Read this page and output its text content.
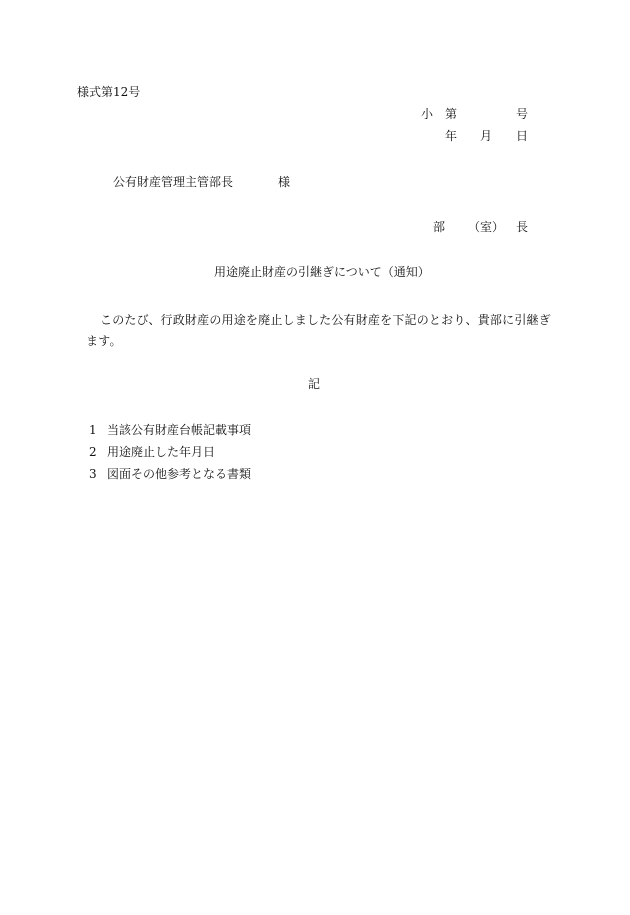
様式第12号
小 第	号
年 月 日
公有財産管理主管部長	様
部 （室） 長
用途廃止財産の引継ぎについて（通知）
このたび、行政財産の用途を廃止しました公有財産を下記のとおり、貴部に引継ぎます。
記
1 当該公有財産台帳記載事項
2 用途廃止した年月日
3 図面その他参考となる書類
